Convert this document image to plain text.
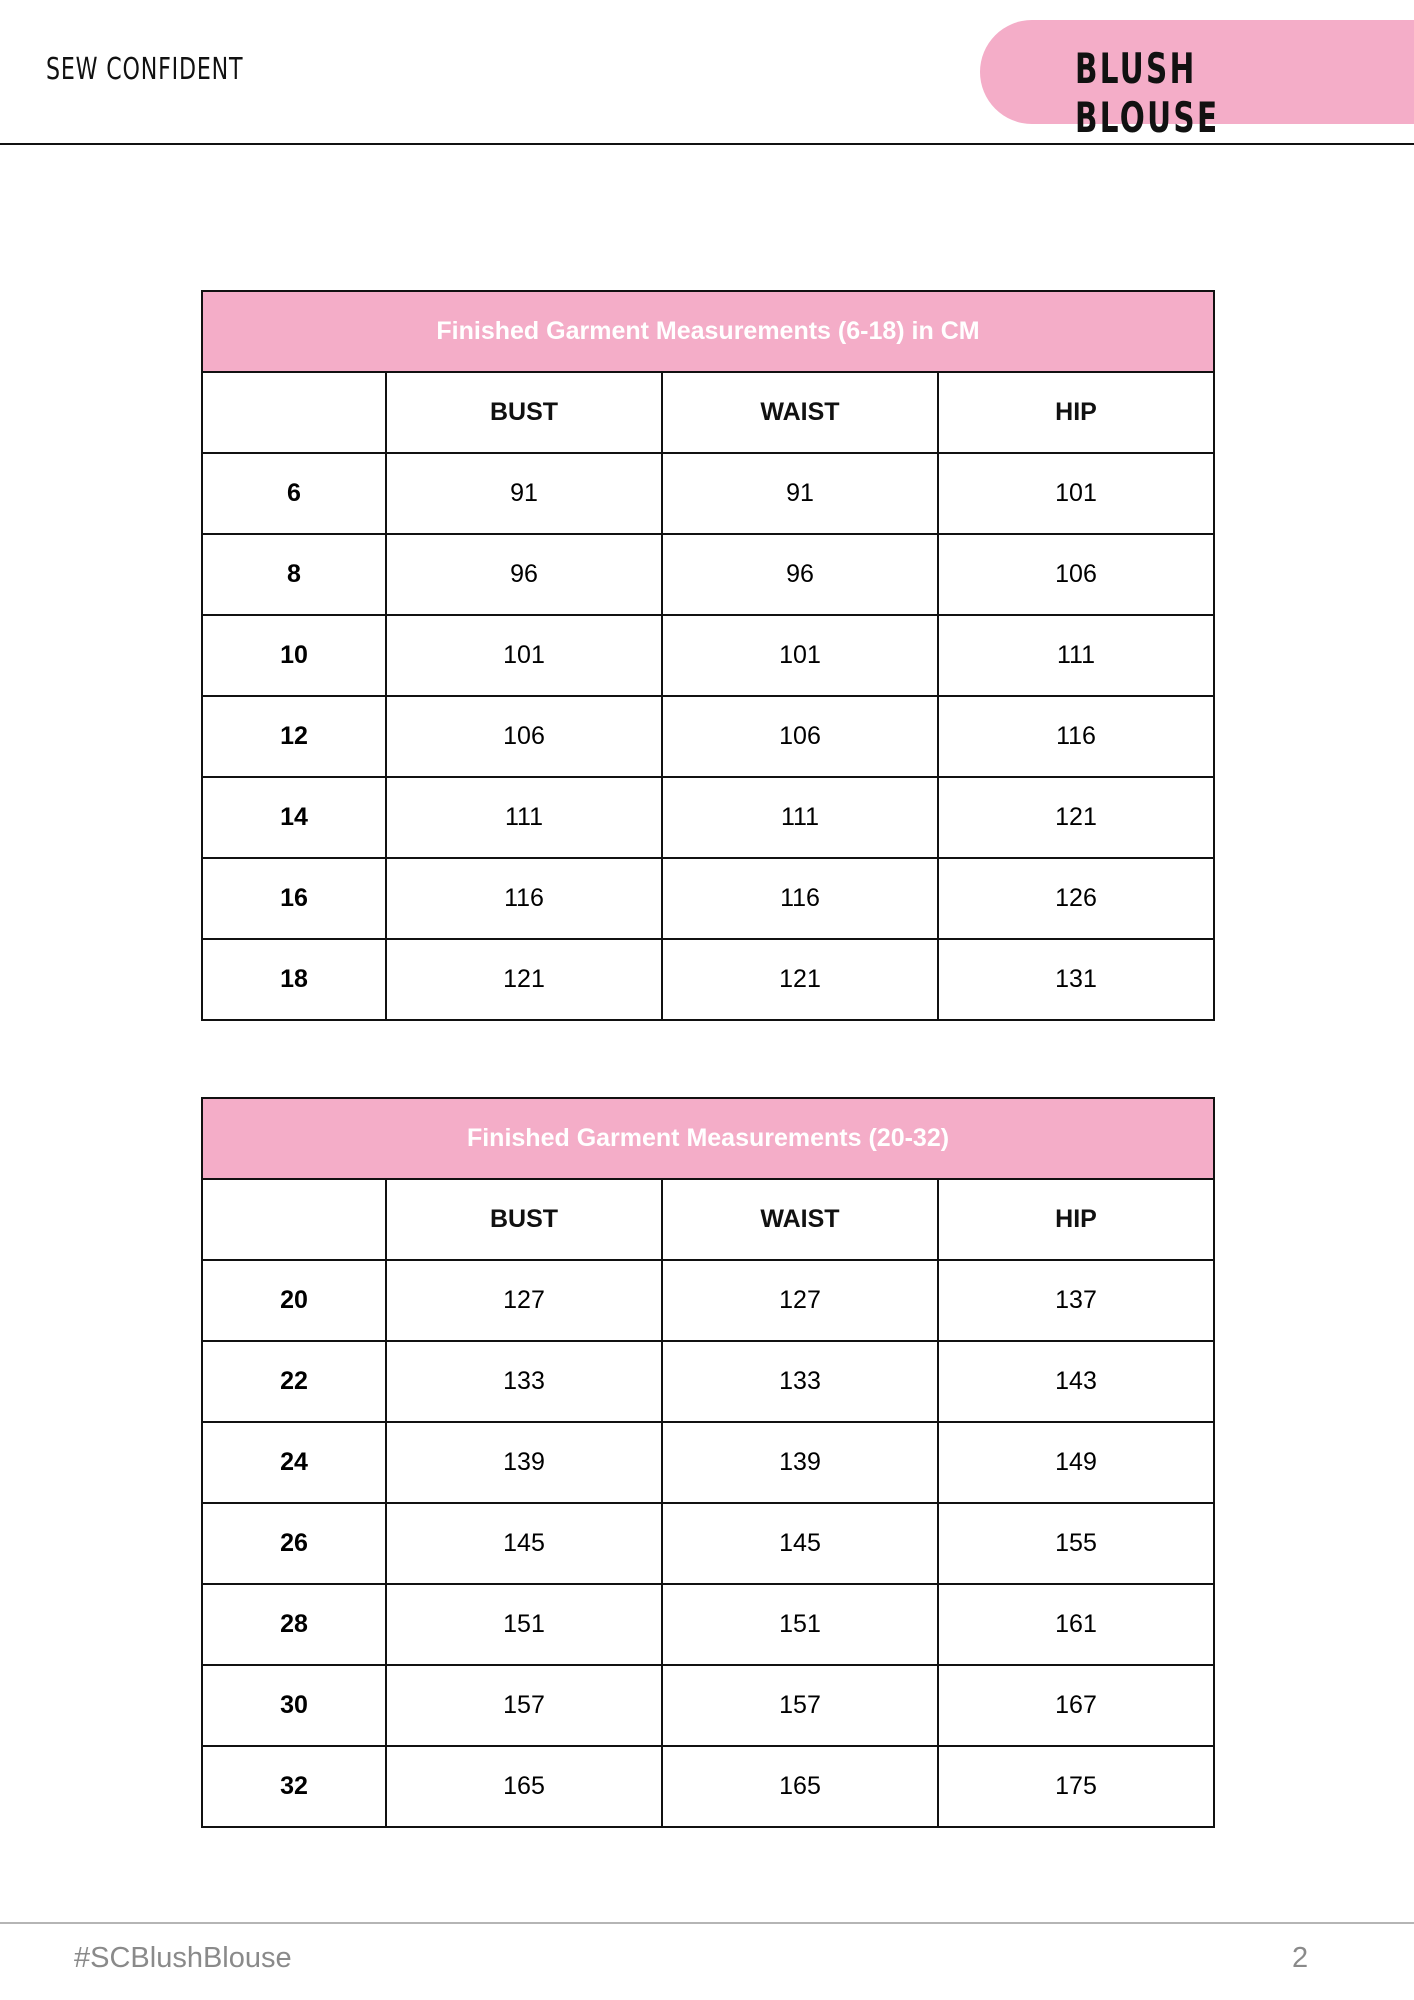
SEW CONFIDENT	BLUSH BLOUSE
Finished Garment Measurements (6-18) in CM			
	BUST	WAIST	HIP
6	91	91	101
8	96	96	106
10	101	101	111
12	106	106	116
14	111	111	121
16	116	116	126
18	121	121	131
Finished Garment Measurements (20-32)			
	BUST	WAIST	HIP
20	127	127	137
22	133	133	143
24	139	139	149
26	145	145	155
28	151	151	161
30	157	157	167
32	165	165	175
#SCBlushBlouse	2
